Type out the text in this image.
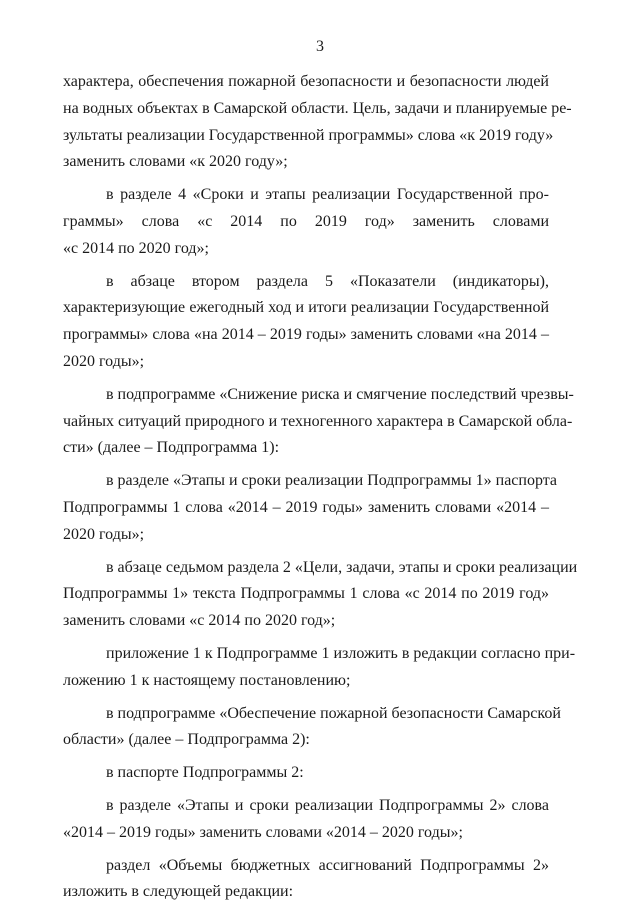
3

характера, обеспечения пожарной безопасности и безопасности людей
на водных объектах в Самарской области. Цель, задачи и планируемые ре-
зультаты реализации Государственной программы» слова «к 2019 году»
заменить словами «к 2020 году»;

в разделе 4 «Сроки и этапы реализации Государственной про-
граммы» слова «с 2014 по 2019 год» заменить словами
«с 2014 по 2020 год»;

в абзаце втором раздела 5 «Показатели (индикаторы),
характеризующие ежегодный ход и итоги реализации Государственной
программы» слова «на 2014 – 2019 годы» заменить словами «на 2014 –
2020 годы»;

в подпрограмме «Снижение риска и смягчение последствий чрезвы-
чайных ситуаций природного и техногенного характера в Самарской обла-
сти» (далее – Подпрограмма 1):

в разделе «Этапы и сроки реализации Подпрограммы 1» паспорта
Подпрограммы 1 слова «2014 – 2019 годы» заменить словами «2014 –
2020 годы»;

в абзаце седьмом раздела 2 «Цели, задачи, этапы и сроки реализации
Подпрограммы 1» текста Подпрограммы 1 слова «с 2014 по 2019 год»
заменить словами «с 2014 по 2020 год»;

приложение 1 к Подпрограмме 1 изложить в редакции согласно при-
ложению 1 к настоящему постановлению;

в подпрограмме «Обеспечение пожарной безопасности Самарской
области» (далее – Подпрограмма 2):

в паспорте Подпрограммы 2:

в разделе «Этапы и сроки реализации Подпрограммы 2» слова
«2014 – 2019 годы» заменить словами «2014 – 2020 годы»;

раздел «Объемы бюджетных ассигнований Подпрограммы 2»
изложить в следующей редакции:
